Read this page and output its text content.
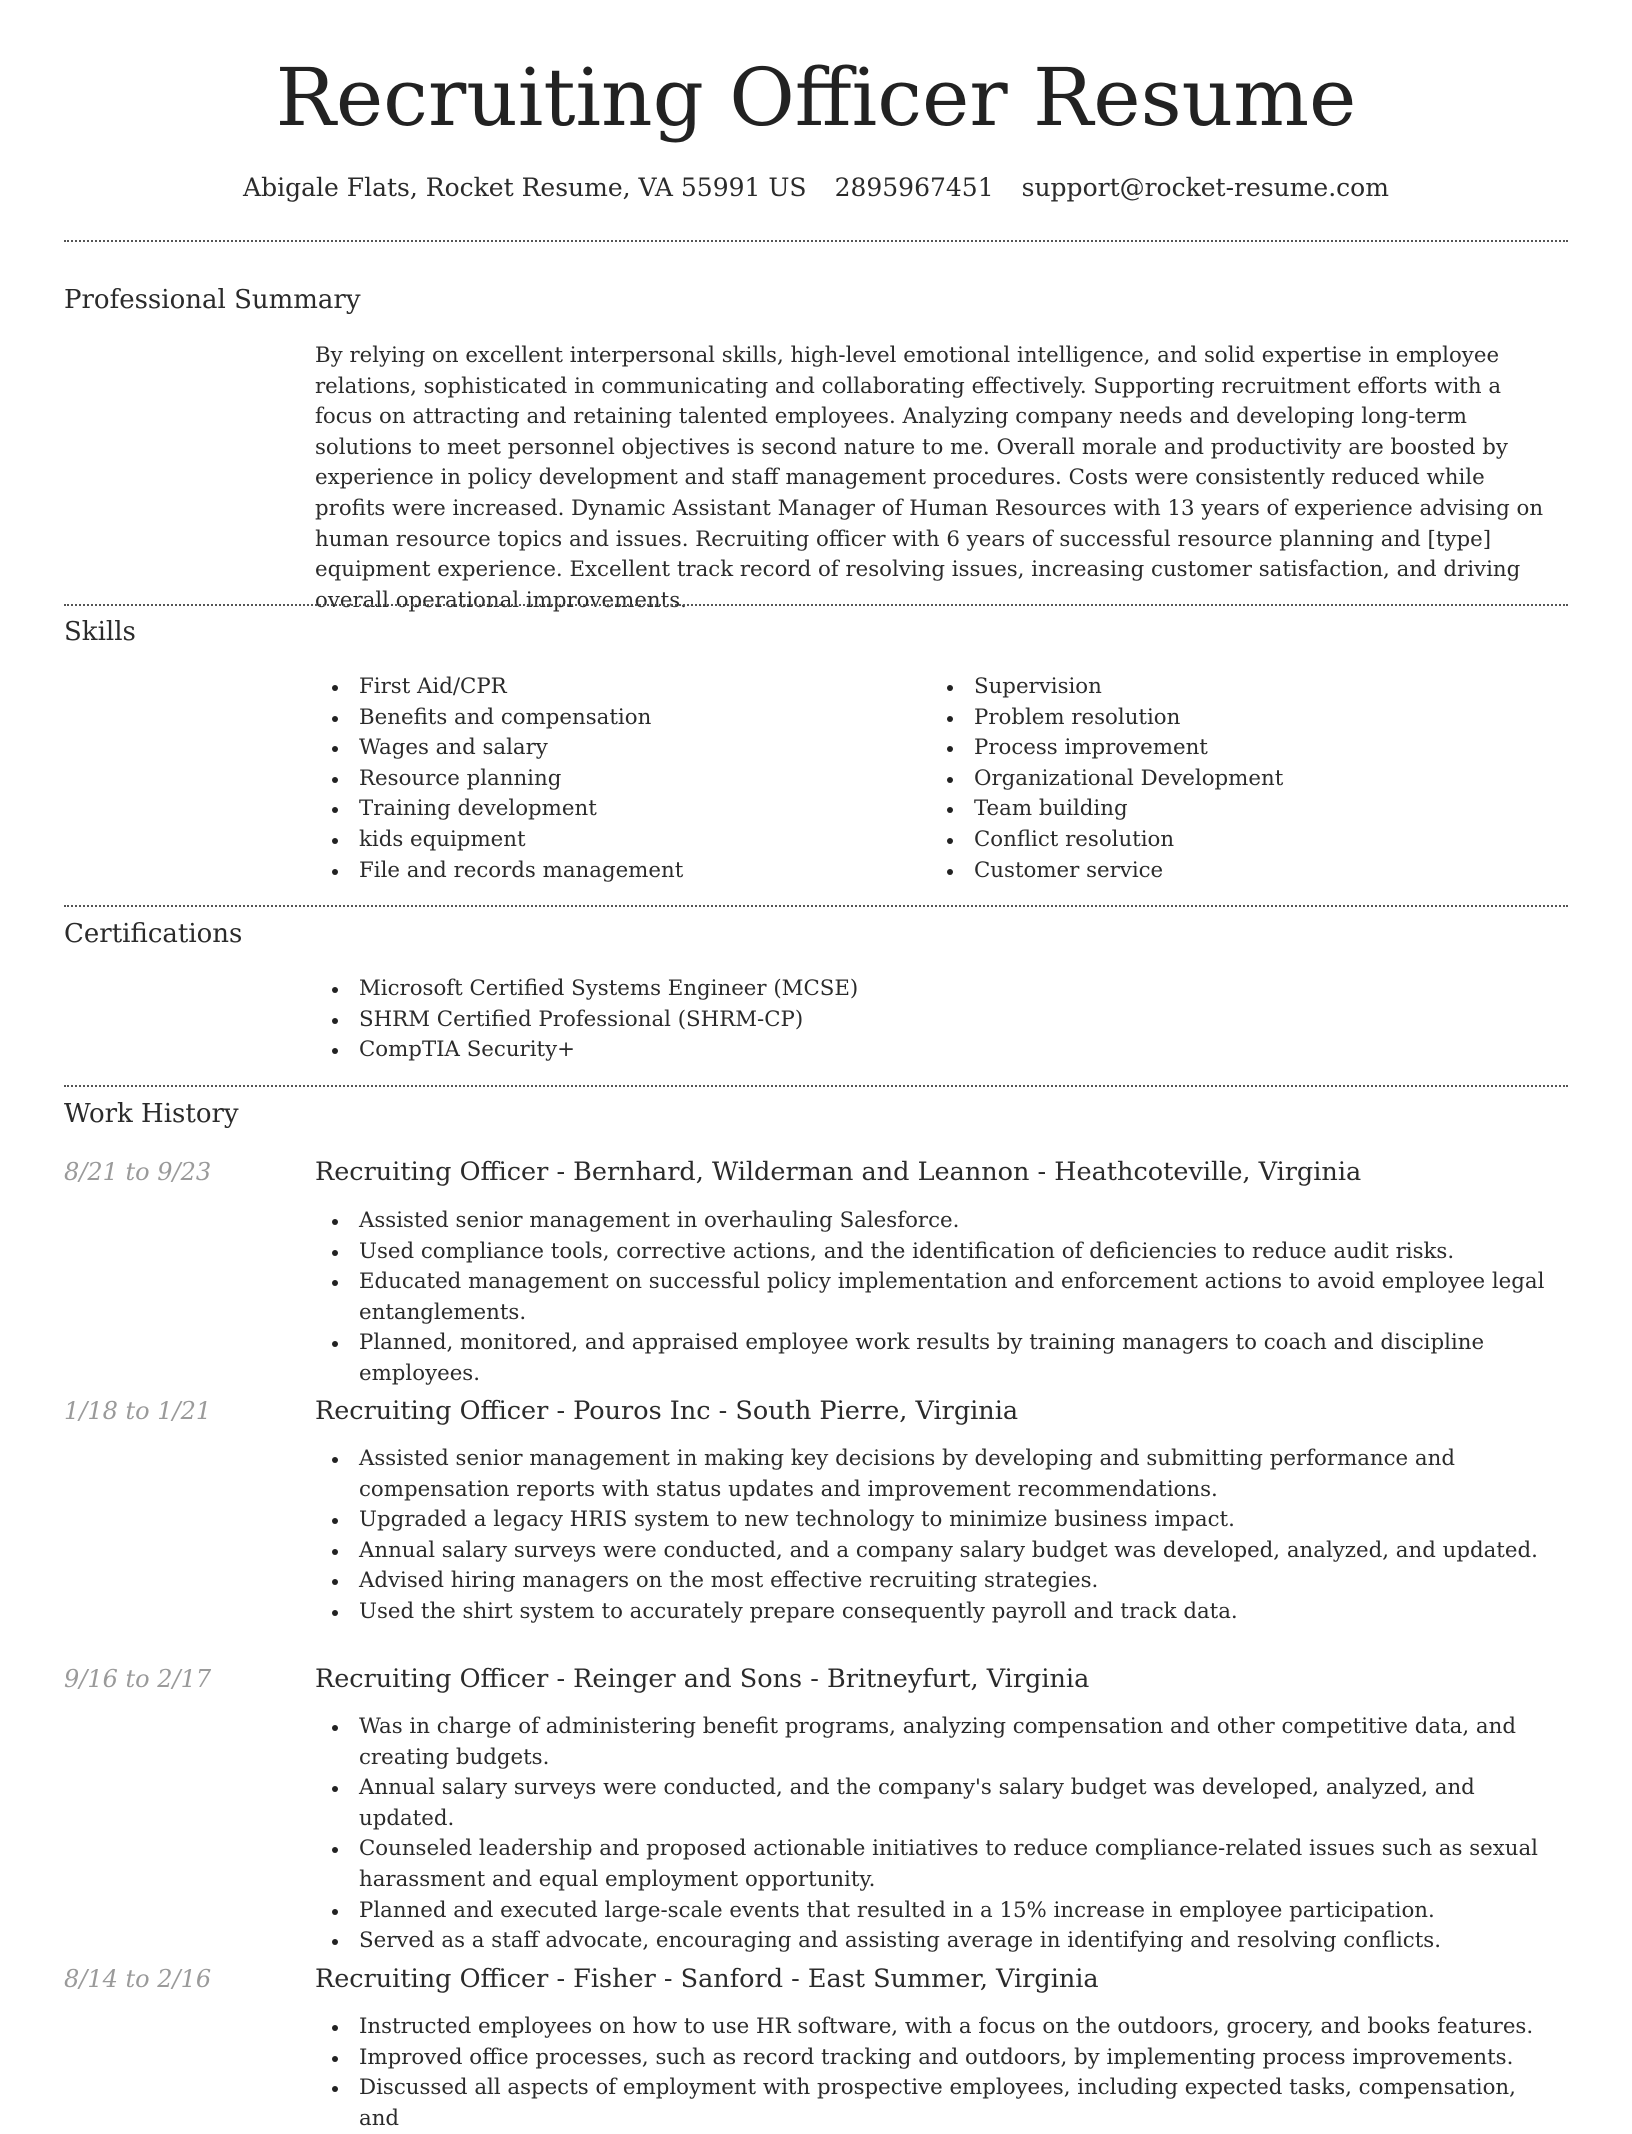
Recruiting Officer Resume
Abigale Flats, Rocket Resume, VA 55991 US 2895967451 support@rocket-resume.com
Professional Summary

By relying on excellent interpersonal skills, high-level emotional intelligence, and solid expertise in employee relations, sophisticated in communicating and collaborating effectively. Supporting recruitment efforts with a focus on attracting and retaining talented employees. Analyzing company needs and developing long-term solutions to meet personnel objectives is second nature to me. Overall morale and productivity are boosted by experience in policy development and staff management procedures. Costs were consistently reduced while profits were increased. Dynamic Assistant Manager of Human Resources with 13 years of experience advising on human resource topics and issues. Recruiting officer with 6 years of successful resource planning and [type] equipment experience. Excellent track record of resolving issues, increasing customer satisfaction, and driving overall operational improvements.

Skills
First Aid/CPR
Benefits and compensation
Wages and salary
Resource planning
Training development
kids equipment
File and records management
Supervision
Problem resolution
Process improvement
Organizational Development
Team building
Conflict resolution
Customer service
Certifications
Microsoft Certified Systems Engineer (MCSE)
SHRM Certified Professional (SHRM-CP)
CompTIA Security+
Work History
8/21 to 9/23	Recruiting Officer - Bernhard, Wilderman and Leannon - Heathcoteville, Virginia
Assisted senior management in overhauling Salesforce.
Used compliance tools, corrective actions, and the identification of deficiencies to reduce audit risks.
Educated management on successful policy implementation and enforcement actions to avoid employee legal entanglements.
Planned, monitored, and appraised employee work results by training managers to coach and discipline employees.
1/18 to 1/21	Recruiting Officer - Pouros Inc - South Pierre, Virginia
Assisted senior management in making key decisions by developing and submitting performance and compensation reports with status updates and improvement recommendations.
Upgraded a legacy HRIS system to new technology to minimize business impact.
Annual salary surveys were conducted, and a company salary budget was developed, analyzed, and updated.
Advised hiring managers on the most effective recruiting strategies.
Used the shirt system to accurately prepare consequently payroll and track data.
9/16 to 2/17	Recruiting Officer - Reinger and Sons - Britneyfurt, Virginia
Was in charge of administering benefit programs, analyzing compensation and other competitive data, and creating budgets.
Annual salary surveys were conducted, and the company's salary budget was developed, analyzed, and updated.
Counseled leadership and proposed actionable initiatives to reduce compliance-related issues such as sexual harassment and equal employment opportunity.
Planned and executed large-scale events that resulted in a 15% increase in employee participation.
Served as a staff advocate, encouraging and assisting average in identifying and resolving conflicts.
8/14 to 2/16	Recruiting Officer - Fisher - Sanford - East Summer, Virginia
Instructed employees on how to use HR software, with a focus on the outdoors, grocery, and books features.
Improved office processes, such as record tracking and outdoors, by implementing process improvements.
Discussed all aspects of employment with prospective employees, including expected tasks, compensation, and
